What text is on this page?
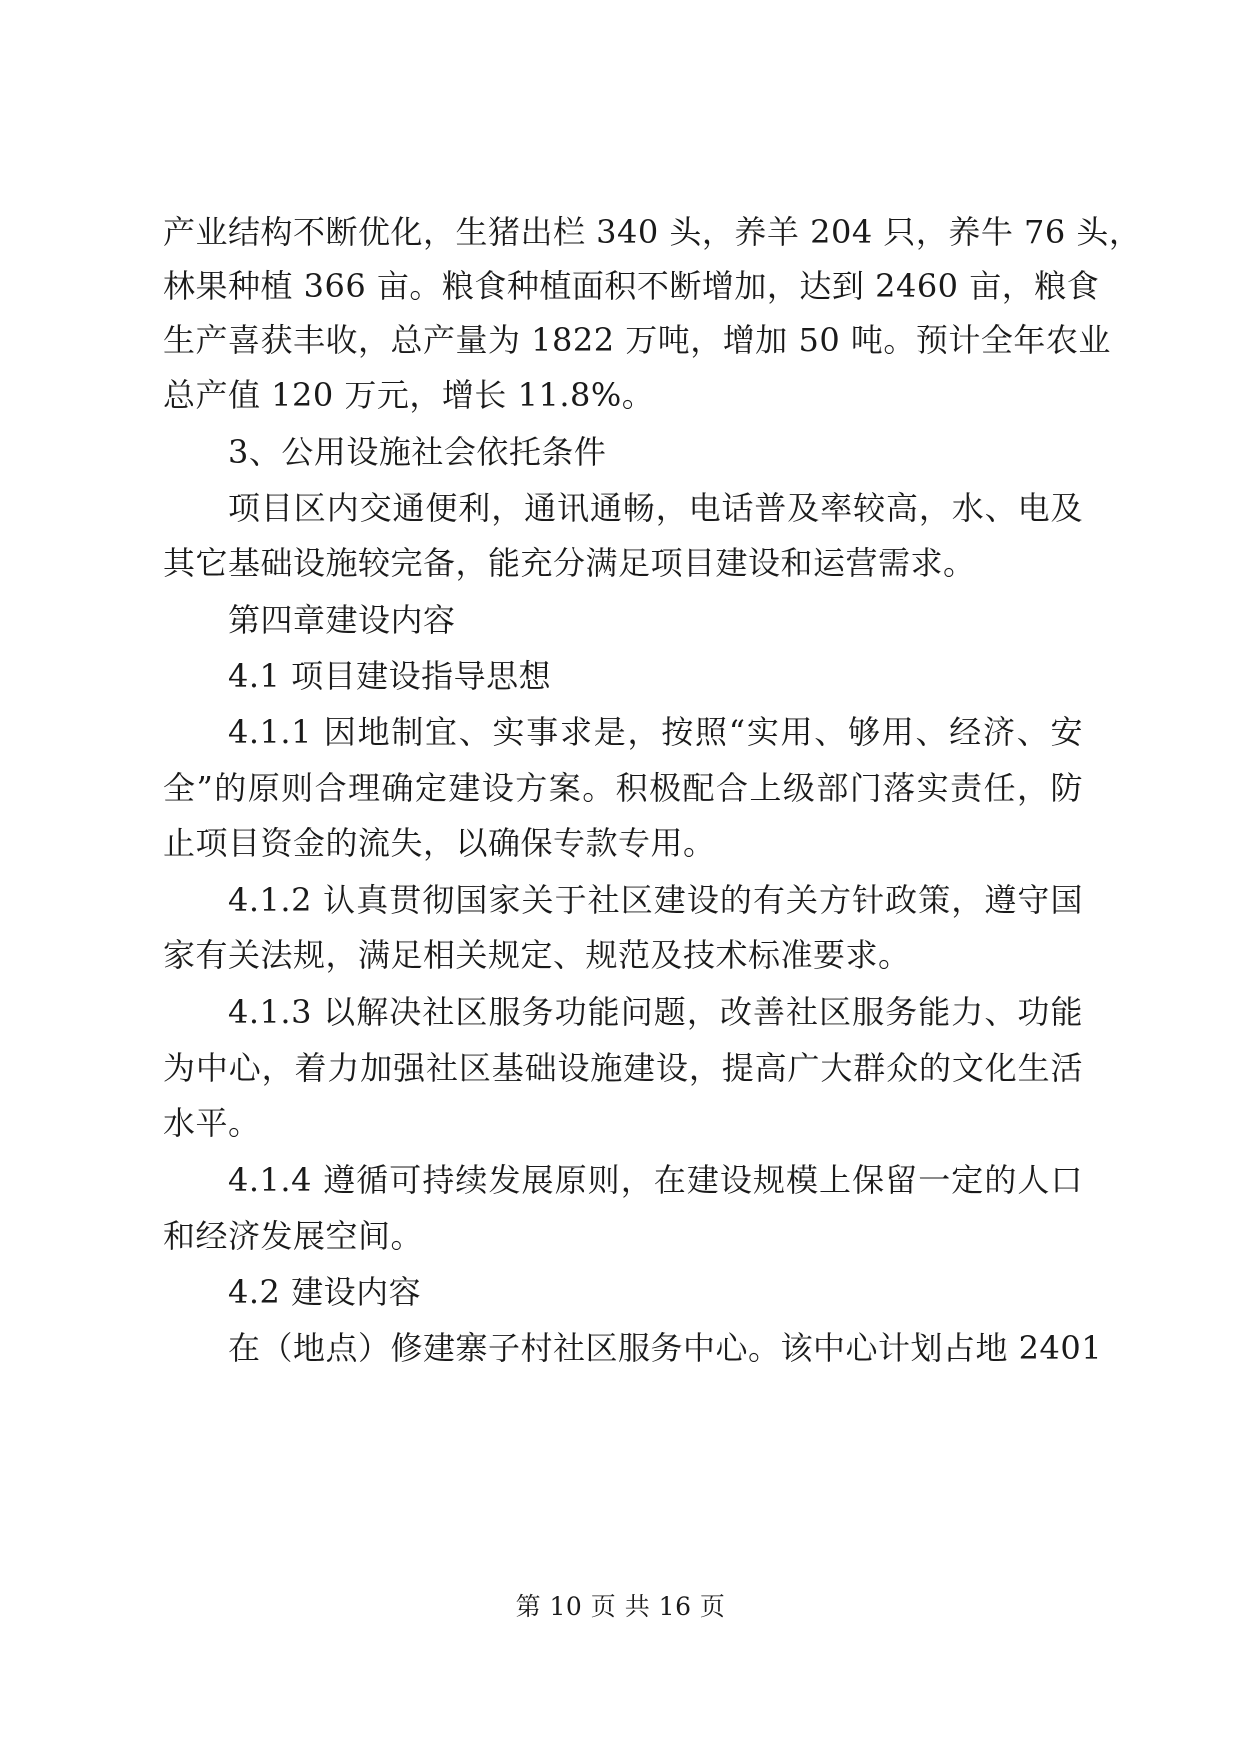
产业结构不断优化，生猪出栏 340 头，养羊 204 只，养牛 76 头，
林果种植 366 亩。粮食种植面积不断增加，达到 2460 亩，粮食
生产喜获丰收，总产量为 1822 万吨，增加 50 吨。预计全年农业
总产值 120 万元，增长 11.8%。
3、公用设施社会依托条件
项目区内交通便利，通讯通畅，电话普及率较高，水、电及
其它基础设施较完备，能充分满足项目建设和运营需求。
第四章建设内容
4.1 项目建设指导思想
4.1.1 因地制宜、实事求是，按照“实用、够用、经济、安
全”的原则合理确定建设方案。积极配合上级部门落实责任，防
止项目资金的流失，以确保专款专用。
4.1.2 认真贯彻国家关于社区建设的有关方针政策，遵守国
家有关法规，满足相关规定、规范及技术标准要求。
4.1.3 以解决社区服务功能问题，改善社区服务能力、功能
为中心，着力加强社区基础设施建设，提高广大群众的文化生活
水平。
4.1.4 遵循可持续发展原则，在建设规模上保留一定的人口
和经济发展空间。
4.2 建设内容
在（地点）修建寨子村社区服务中心。该中心计划占地 2401
第 10 页 共 16 页
